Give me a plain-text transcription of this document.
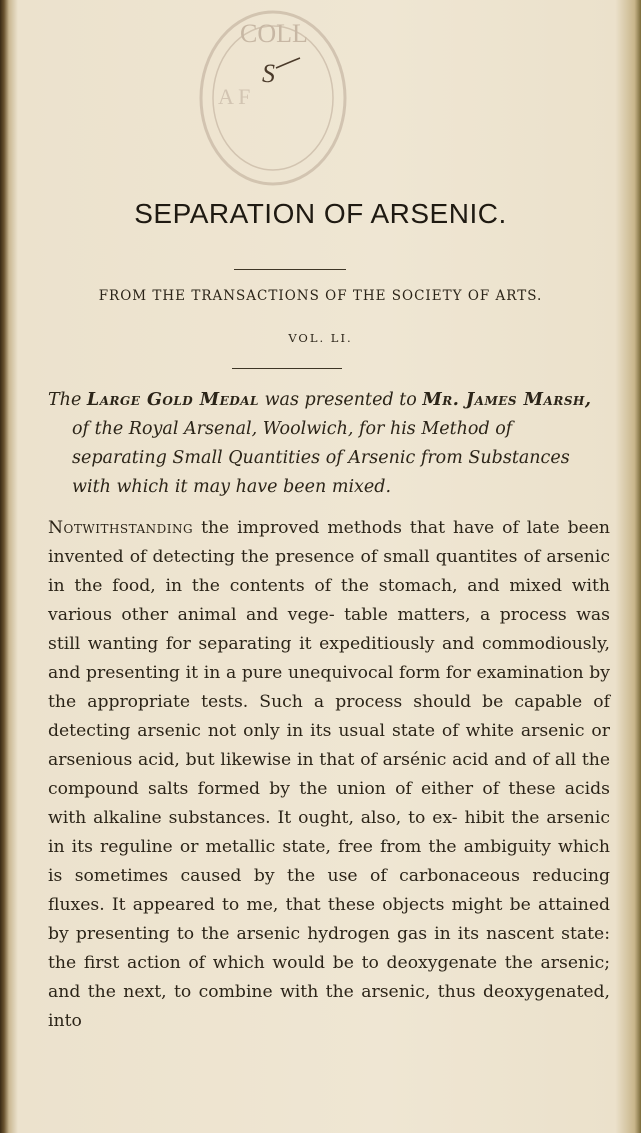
COLL
A F
S
SEPARATION OF ARSENIC.
FROM THE TRANSACTIONS OF THE SOCIETY OF ARTS.
VOL. LI.

The Large Gold Medal was presented to Mr. James Marsh, of the Royal Arsenal, Woolwich, for his Method of separating Small Quantities of Arsenic from Substances with which it may have been mixed.

Notwithstanding the improved methods that have of late been invented of detecting the presence of small quantites of arsenic in the food, in the contents of the stomach, and mixed with various other animal and vege- table matters, a process was still wanting for separating it expeditiously and commodiously, and presenting it in a pure unequivocal form for examination by the appropriate tests. Such a process should be capable of detecting arsenic not only in its usual state of white arsenic or arsenious acid, but likewise in that of arsénic acid and of all the compound salts formed by the union of either of these acids with alkaline substances. It ought, also, to ex- hibit the arsenic in its reguline or metallic state, free from the ambiguity which is sometimes caused by the use of carbonaceous reducing fluxes. It appeared to me, that these objects might be attained by presenting to the arsenic hydrogen gas in its nascent state: the first action of which would be to deoxygenate the arsenic; and the next, to combine with the arsenic, thus deoxygenated, into
